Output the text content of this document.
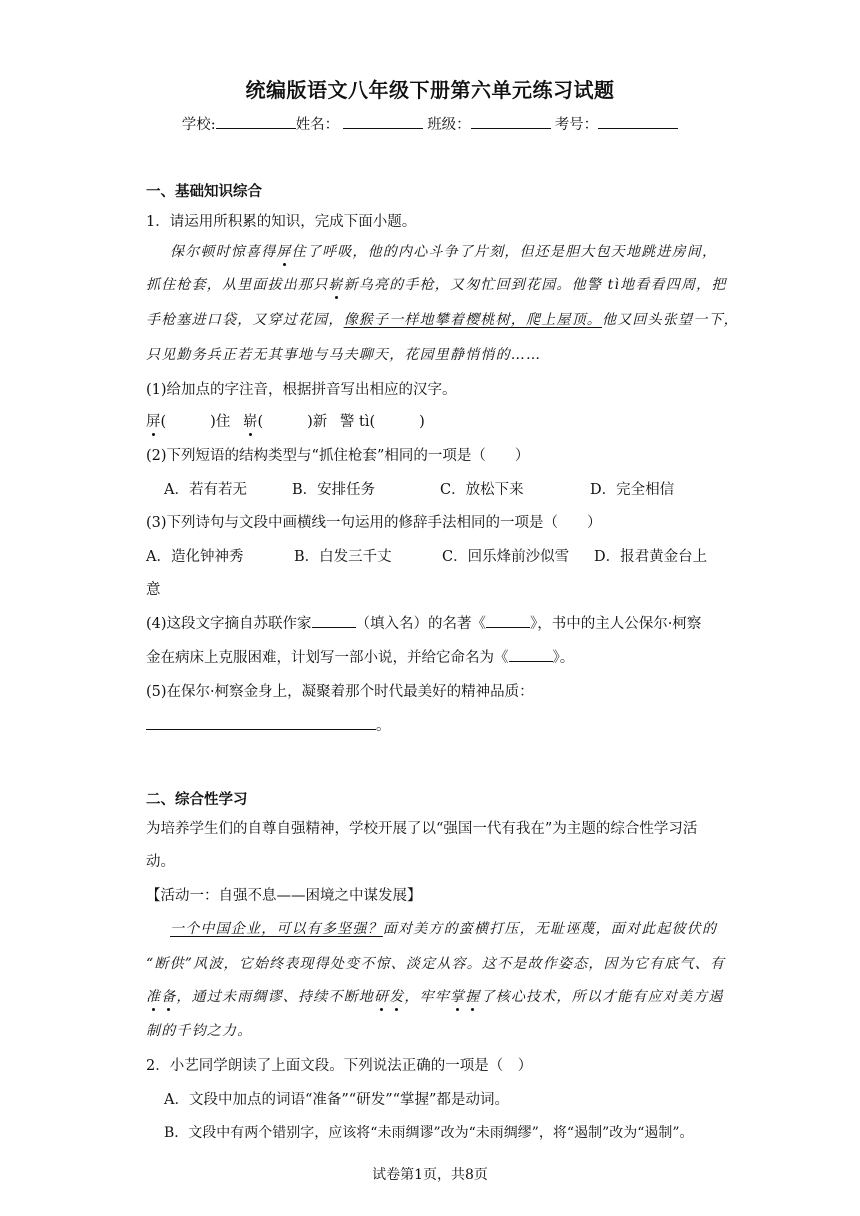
统编版语文八年级下册第六单元练习试题
学校:	姓名：	班级：	考号：
一、基础知识综合
1．请运用所积累的知识，完成下面小题。
保尔顿时惊喜得屏住了呼吸，他的内心斗争了片刻，但还是胆大包天地跳进房间，
抓住枪套，从里面拔出那只崭新乌亮的手枪，又匆忙回到花园。他警 tì地看看四周，把
手枪塞进口袋，又穿过花园，像猴子一样地攀着樱桃树，爬上屋顶。他又回头张望一下，
只见勤务兵正若无其事地与马夫聊天，花园里静悄悄的……
(1)给加点的字注音，根据拼音写出相应的汉字。
屏(	)住 崭(	)新 警 tì(	)
(2)下列短语的结构类型与“抓住枪套”相同的一项是（　　）
A．若有若无	B．安排任务	C．放松下来	D．完全相信
(3)下列诗句与文段中画横线一句运用的修辞手法相同的一项是（　　）
A．造化钟神秀	B．白发三千丈	C．回乐烽前沙似雪 D．报君黄金台上
意
(4)这段文字摘自苏联作家	（填入名）的名著《	》，书中的主人公保尔·柯察
金在病床上克服困难，计划写一部小说，并给它命名为《	》。
(5)在保尔·柯察金身上，凝聚着那个时代最美好的精神品质：
。
二、综合性学习
为培养学生们的自尊自强精神，学校开展了以“强国一代有我在”为主题的综合性学习活
动。
【活动一：自强不息——困境之中谋发展】
一个中国企业，可以有多坚强？面对美方的蛮横打压，无耻诬蔑，面对此起彼伏的
“断供”风波，它始终表现得处变不惊、淡定从容。这不是故作姿态，因为它有底气、有
准备，通过未雨绸谬、持续不断地研发，牢牢掌握了核心技术，所以才能有应对美方遏
制的千钧之力。
2．小艺同学朗读了上面文段。下列说法正确的一项是（　）
A．文段中加点的词语“准备”“研发”“掌握”都是动词。
B．文段中有两个错别字，应该将“未雨绸谬”改为“未雨绸缪”，将“遏制”改为“遏制”。
试卷第1页，共8页
